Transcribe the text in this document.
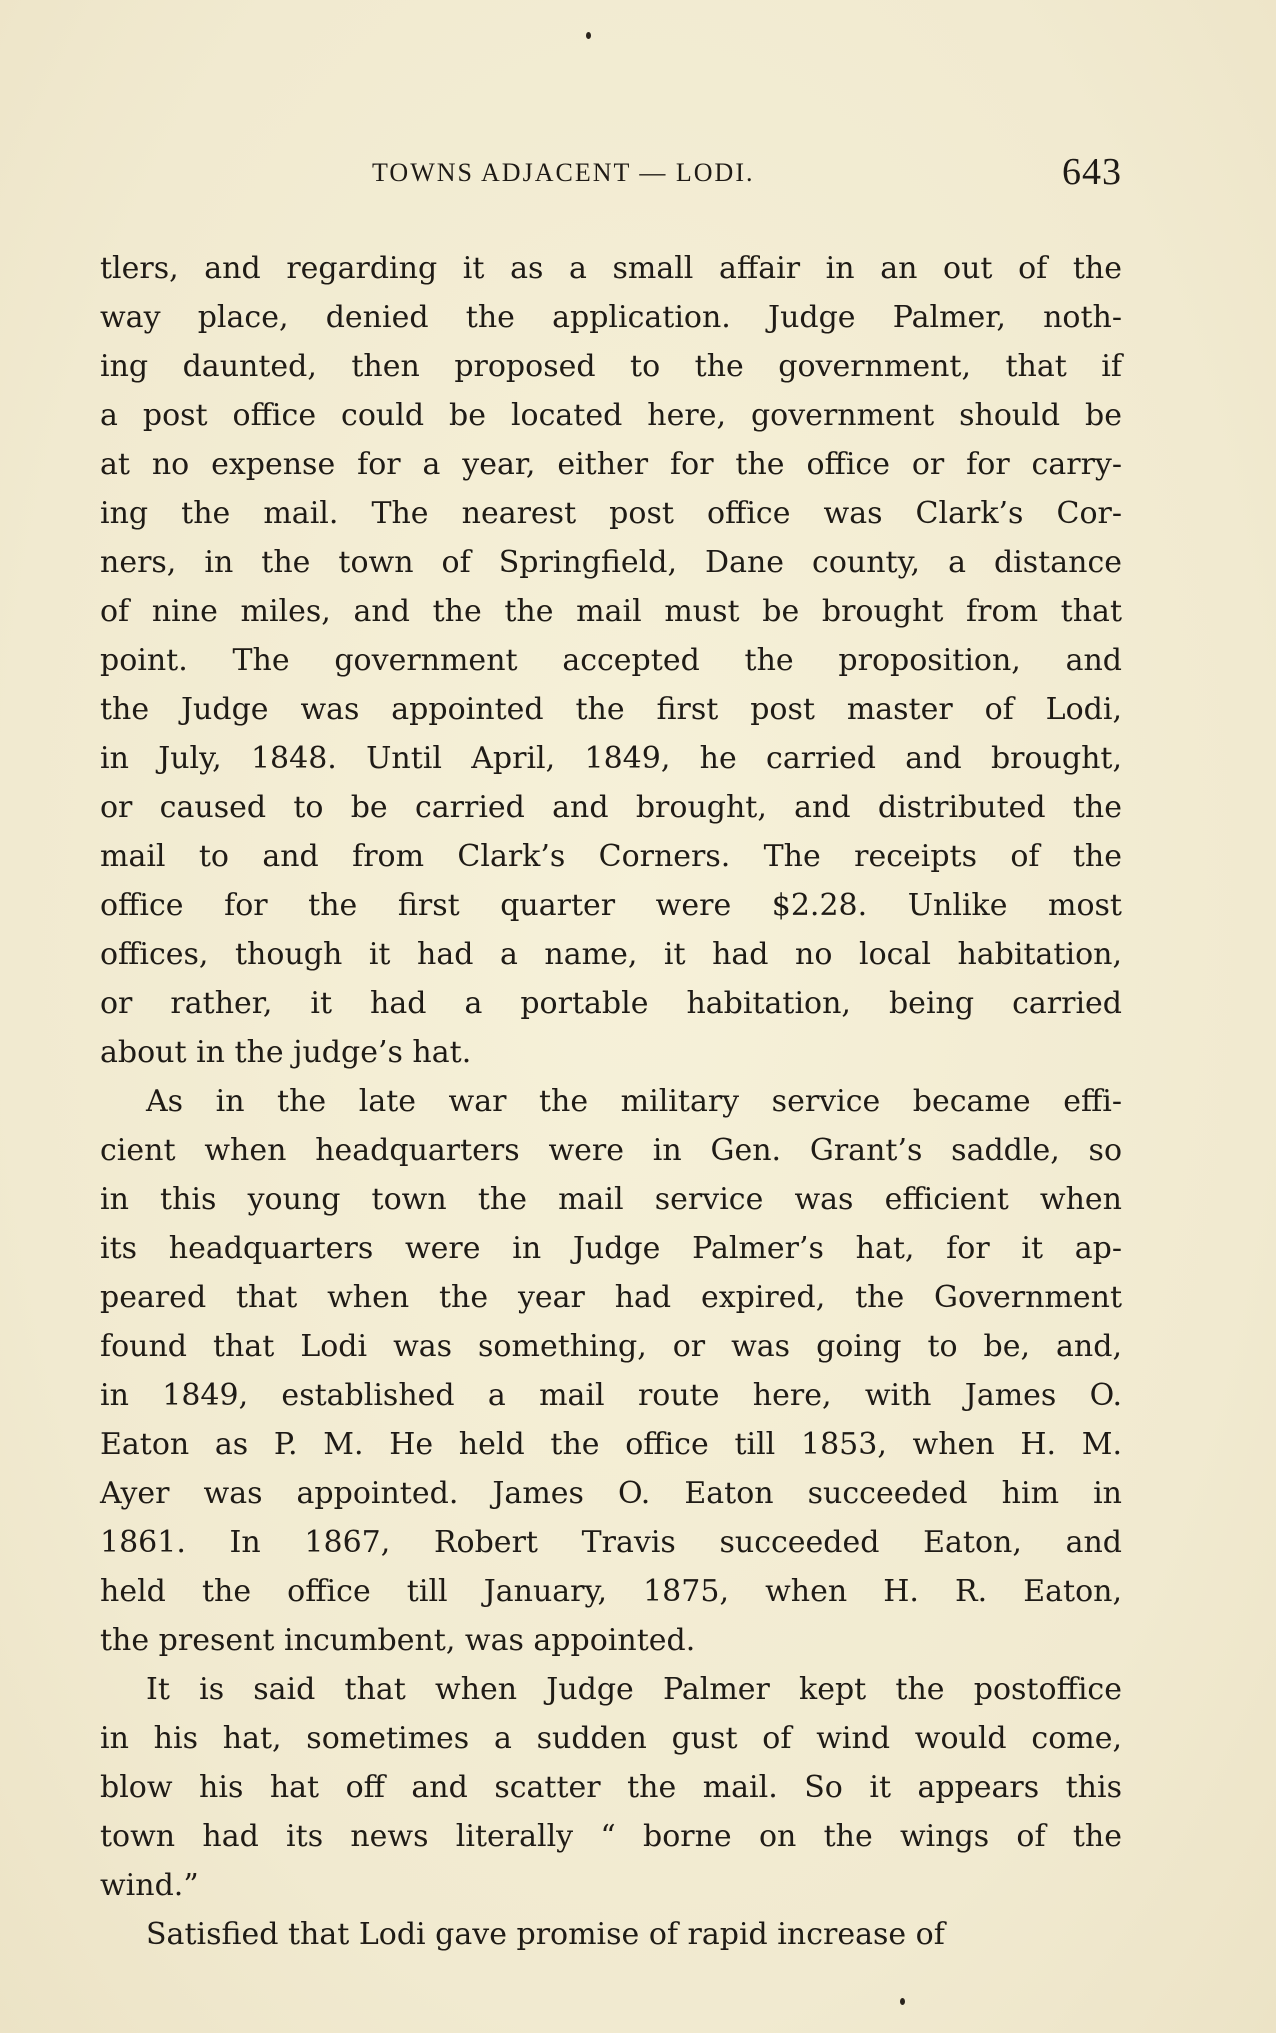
TOWNS ADJACENT — LODI.	643

tlers, and regarding it as a small affair in an out of the

way place, denied the application. Judge Palmer, noth-

ing daunted, then proposed to the government, that if

a post office could be located here, government should be

at no expense for a year, either for the office or for carry-

ing the mail. The nearest post office was Clark’s Cor-

ners, in the town of Springfield, Dane county, a distance

of nine miles, and the the mail must be brought from that

point. The government accepted the proposition, and

the Judge was appointed the first post master of Lodi,

in July, 1848. Until April, 1849, he carried and brought,

or caused to be carried and brought, and distributed the

mail to and from Clark’s Corners. The receipts of the

office for the first quarter were $2.28. Unlike most

offices, though it had a name, it had no local habitation,

or rather, it had a portable habitation, being carried

about in the judge’s hat.

As in the late war the military service became effi-

cient when headquarters were in Gen. Grant’s saddle, so

in this young town the mail service was efficient when

its headquarters were in Judge Palmer’s hat, for it ap-

peared that when the year had expired, the Government

found that Lodi was something, or was going to be, and,

in 1849, established a mail route here, with James O.

Eaton as P. M. He held the office till 1853, when H. M.

Ayer was appointed. James O. Eaton succeeded him in

1861. In 1867, Robert Travis succeeded Eaton, and

held the office till January, 1875, when H. R. Eaton,

the present incumbent, was appointed.

It is said that when Judge Palmer kept the postoffice

in his hat, sometimes a sudden gust of wind would come,

blow his hat off and scatter the mail. So it appears this

town had its news literally “ borne on the wings of the

wind.”

Satisfied that Lodi gave promise of rapid increase of
